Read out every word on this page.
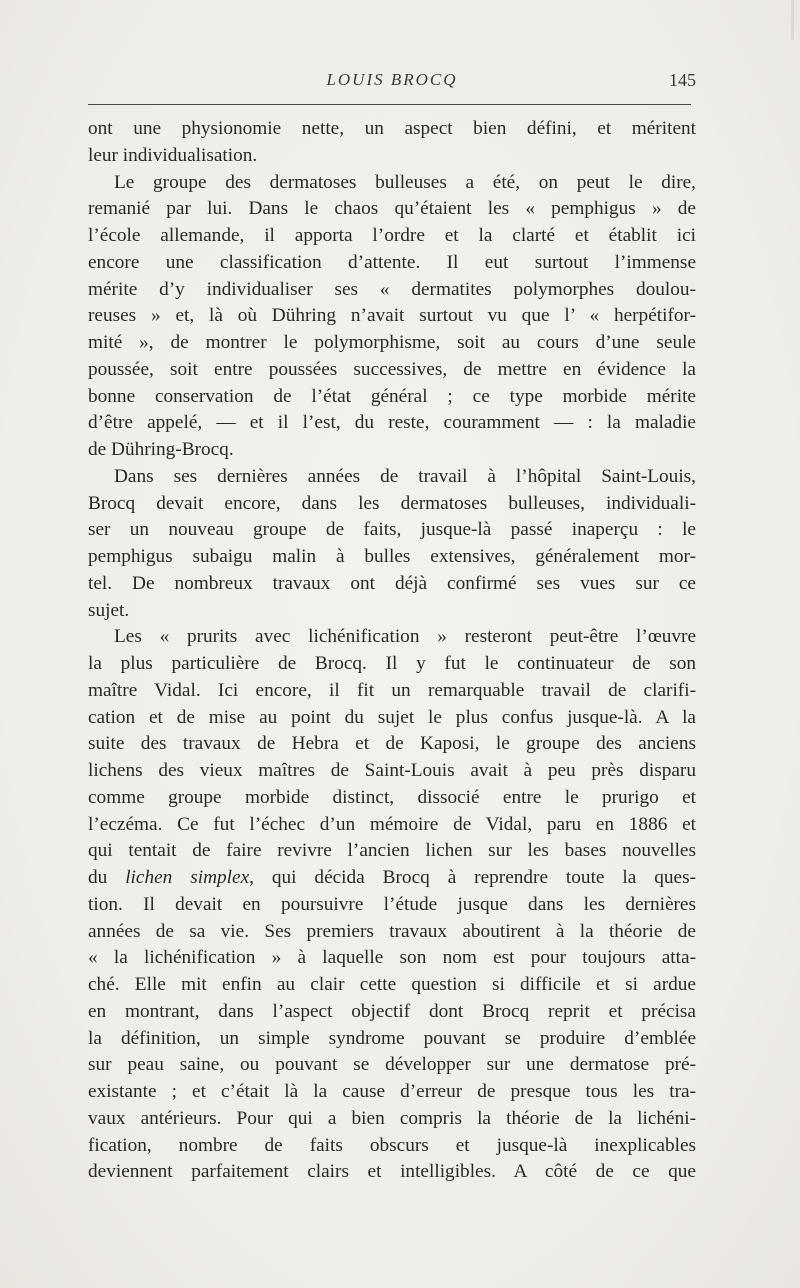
LOUIS BROCQ	145
ont une physionomie nette, un aspect bien défini, et méritent
leur individualisation.
Le groupe des dermatoses bulleuses a été, on peut le dire,
remanié par lui. Dans le chaos qu’étaient les « pemphigus » de
l’école allemande, il apporta l’ordre et la clarté et établit ici
encore une classification d’attente. Il eut surtout l’immense
mérite d’y individualiser ses « dermatites polymorphes doulou-
reuses » et, là où Dühring n’avait surtout vu que l’ « herpétifor-
mité », de montrer le polymorphisme, soit au cours d’une seule
poussée, soit entre poussées successives, de mettre en évidence la
bonne conservation de l’état général ; ce type morbide mérite
d’être appelé, — et il l’est, du reste, couramment — : la maladie
de Dühring-Brocq.
Dans ses dernières années de travail à l’hôpital Saint-Louis,
Brocq devait encore, dans les dermatoses bulleuses, individuali-
ser un nouveau groupe de faits, jusque-là passé inaperçu : le
pemphigus subaigu malin à bulles extensives, généralement mor-
tel. De nombreux travaux ont déjà confirmé ses vues sur ce
sujet.
Les « prurits avec lichénification » resteront peut-être l’œuvre
la plus particulière de Brocq. Il y fut le continuateur de son
maître Vidal. Ici encore, il fit un remarquable travail de clarifi-
cation et de mise au point du sujet le plus confus jusque-là. A la
suite des travaux de Hebra et de Kaposi, le groupe des anciens
lichens des vieux maîtres de Saint-Louis avait à peu près disparu
comme groupe morbide distinct, dissocié entre le prurigo et
l’eczéma. Ce fut l’échec d’un mémoire de Vidal, paru en 1886 et
qui tentait de faire revivre l’ancien lichen sur les bases nouvelles
du lichen simplex, qui décida Brocq à reprendre toute la ques-
tion. Il devait en poursuivre l’étude jusque dans les dernières
années de sa vie. Ses premiers travaux aboutirent à la théorie de
« la lichénification » à laquelle son nom est pour toujours atta-
ché. Elle mit enfin au clair cette question si difficile et si ardue
en montrant, dans l’aspect objectif dont Brocq reprit et précisa
la définition, un simple syndrome pouvant se produire d’emblée
sur peau saine, ou pouvant se développer sur une dermatose pré-
existante ; et c’était là la cause d’erreur de presque tous les tra-
vaux antérieurs. Pour qui a bien compris la théorie de la lichéni-
fication, nombre de faits obscurs et jusque-là inexplicables
deviennent parfaitement clairs et intelligibles. A côté de ce que
